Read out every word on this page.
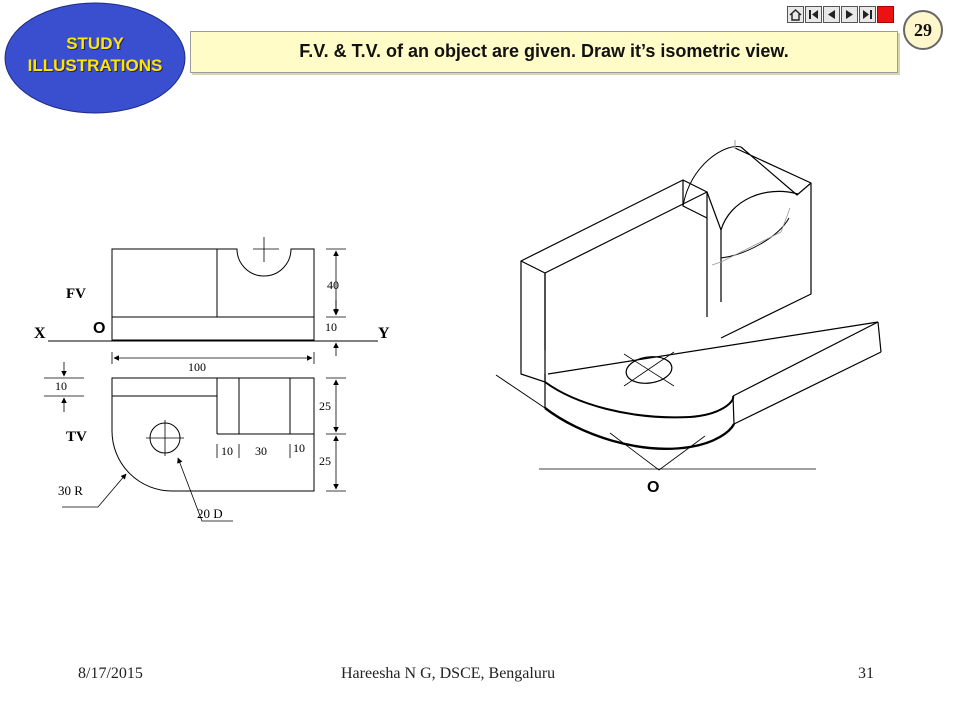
STUDY
ILLUSTRATIONS
F.V. & T.V. of an object are given. Draw it’s isometric view.
29
FV
TV
X	Y
O
100
40
10
10
25
25
10 30 10
30 R
20 D
O
8/17/2015	Hareesha N G, DSCE, Bengaluru	31
